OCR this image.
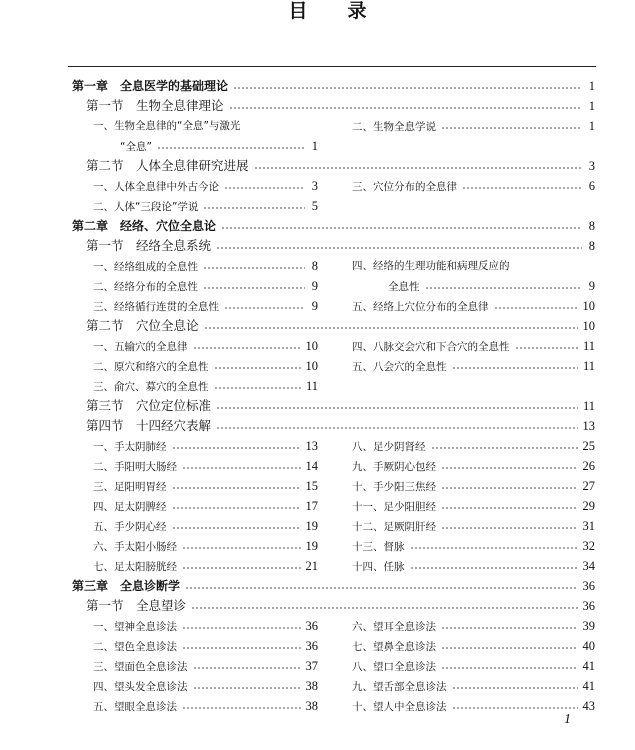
目录
第一章　全息医学的基础理论	1
第一节　生物全息律理论	1
一、生物全息律的“全息”与激光	二、生物全息学说	1
“全息”	1
第二节　人体全息律研究进展	3
一、人体全息律中外古今论	3	三、穴位分布的全息律	6
二、人体“三段论”学说	5
第二章　经络、穴位全息论	8
第一节　经络全息系统	8
一、经络组成的全息性	8	四、经络的生理功能和病理反应的
二、经络分布的全息性	9	全息性	9
三、经络循行连贯的全息性	9	五、经络上穴位分布的全息律	10
第二节　穴位全息论	10
一、五输穴的全息律	10	四、八脉交会穴和下合穴的全息性	11
二、原穴和络穴的全息性	10	五、八会穴的全息性	11
三、俞穴、募穴的全息性	11
第三节　穴位定位标准	11
第四节　十四经穴表解	13
一、手太阴肺经	13	八、足少阴肾经	25
二、手阳明大肠经	14	九、手厥阴心包经	26
三、足阳明胃经	15	十、手少阳三焦经	27
四、足太阴脾经	17	十一、足少阳胆经	29
五、手少阴心经	19	十二、足厥阴肝经	31
六、手太阳小肠经	19	十三、督脉	32
七、足太阳膀胱经	21	十四、任脉	34
第三章　全息诊断学	36
第一节　全息望诊	36
一、望神全息诊法	36	六、望耳全息诊法	39
二、望色全息诊法	36	七、望鼻全息诊法	40
三、望面色全息诊法	37	八、望口全息诊法	41
四、望头发全息诊法	38	九、望舌部全息诊法	41
五、望眼全息诊法	38	十、望人中全息诊法	43
1
